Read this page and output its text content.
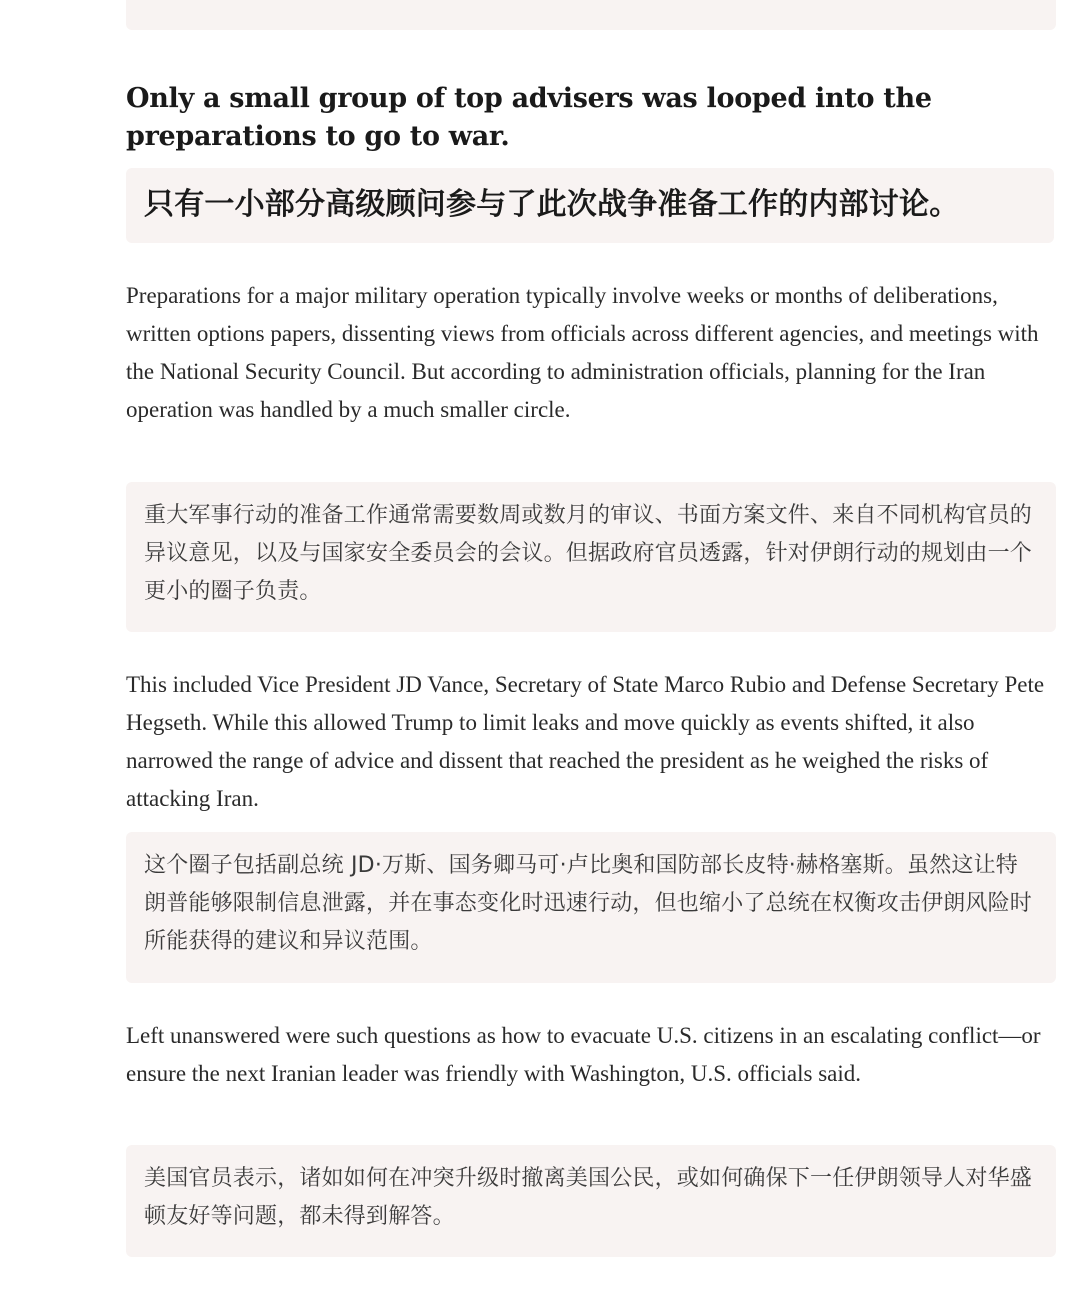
Only a small group of top advisers was looped into the preparations to go to war.
只有一小部分高级顾问参与了此次战争准备工作的内部讨论。

Preparations for a major military operation typically involve weeks or months of deliberations, written options papers, dissenting views from officials across different agencies, and meetings with the National Security Council. But according to administration officials, planning for the Iran operation was handled by a much smaller circle.

重大军事行动的准备工作通常需要数周或数月的审议、书面方案文件、来自不同机构官员的异议意见，以及与国家安全委员会的会议。但据政府官员透露，针对伊朗行动的规划由一个更小的圈子负责。

This included Vice President JD Vance, Secretary of State Marco Rubio and Defense Secretary Pete Hegseth. While this allowed Trump to limit leaks and move quickly as events shifted, it also narrowed the range of advice and dissent that reached the president as he weighed the risks of attacking Iran.

这个圈子包括副总统 JD·万斯、国务卿马可·卢比奥和国防部长皮特·赫格塞斯。虽然这让特朗普能够限制信息泄露，并在事态变化时迅速行动，但也缩小了总统在权衡攻击伊朗风险时所能获得的建议和异议范围。

Left unanswered were such questions as how to evacuate U.S. citizens in an escalating conflict—or ensure the next Iranian leader was friendly with Washington, U.S. officials said.

美国官员表示，诸如如何在冲突升级时撤离美国公民，或如何确保下一任伊朗领导人对华盛顿友好等问题，都未得到解答。
